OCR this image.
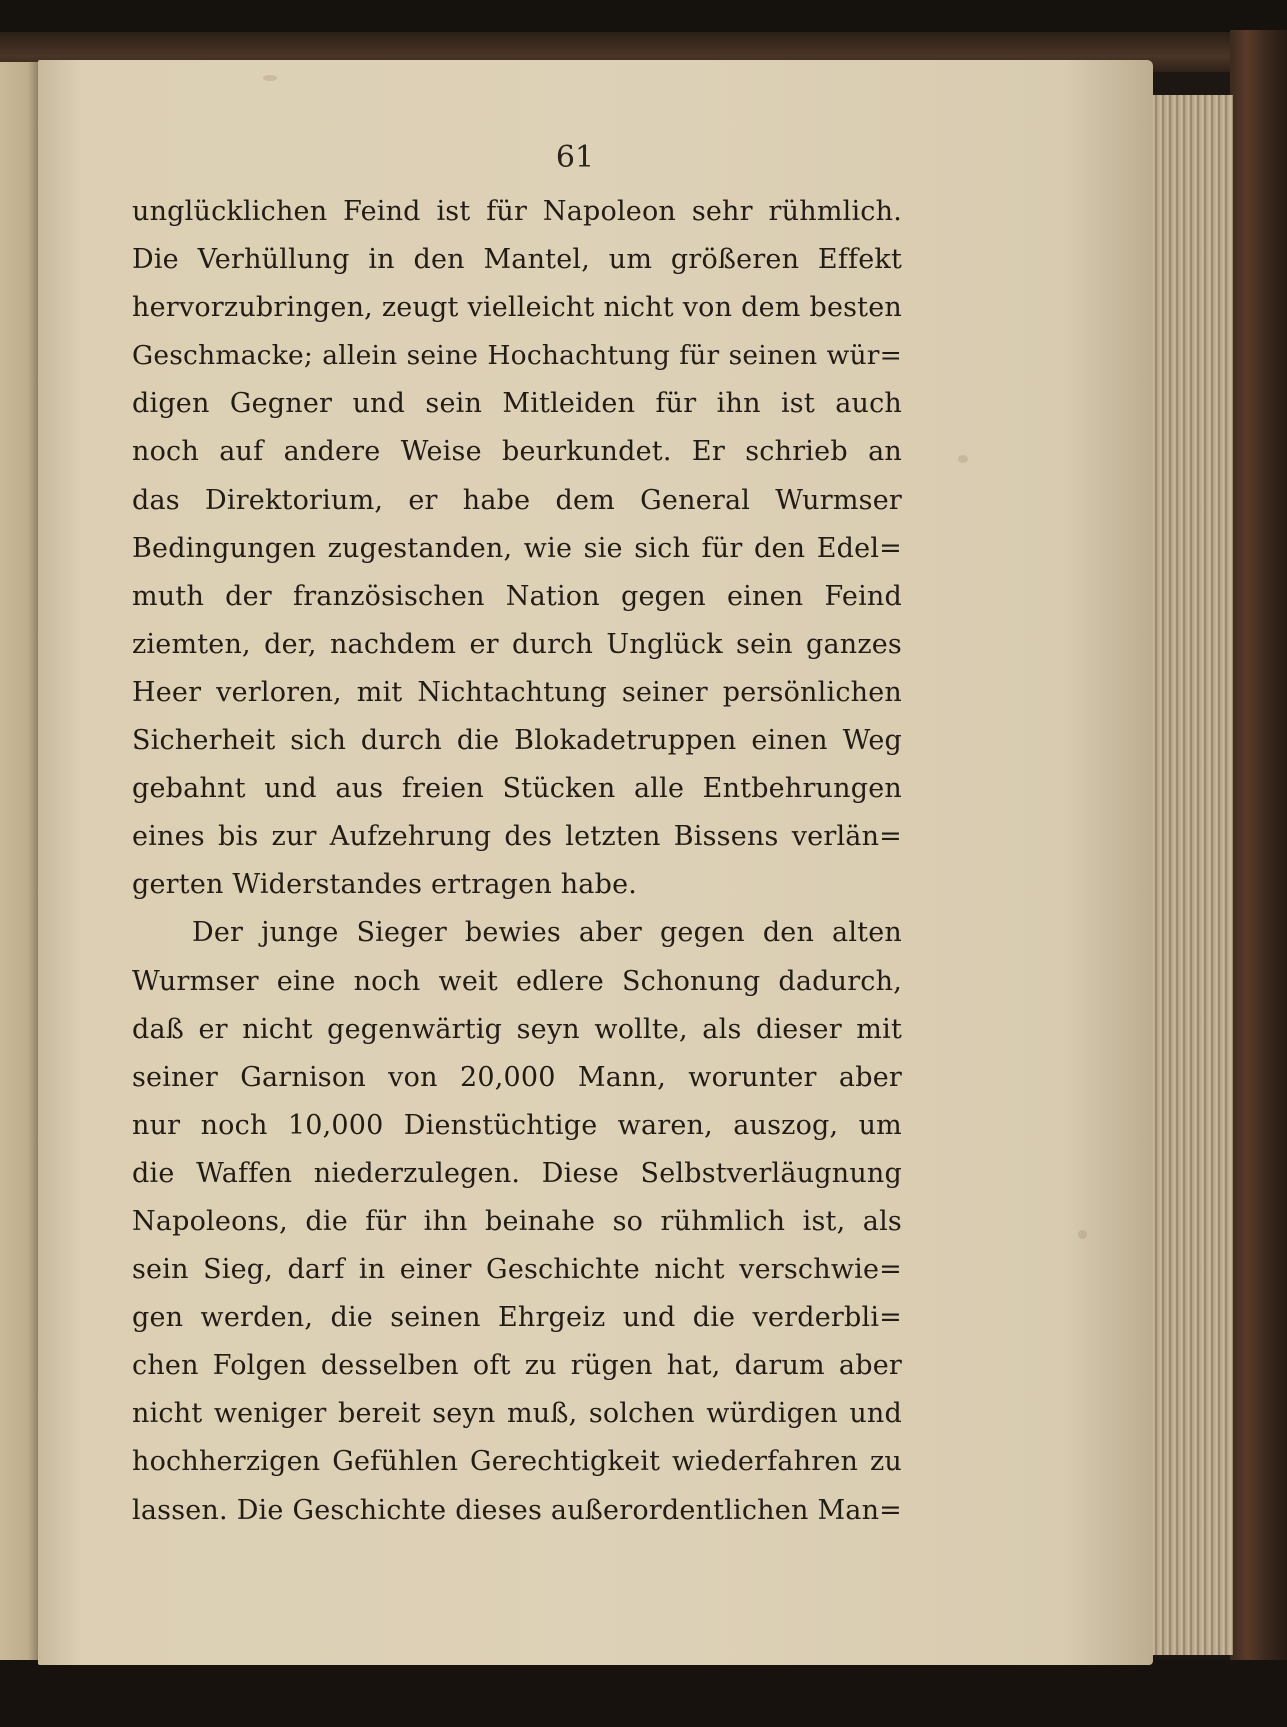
61
unglücklichen Feind ist für Napoleon sehr rühmlich.
Die Verhüllung in den Mantel, um größeren Effekt
hervorzubringen, zeugt vielleicht nicht von dem besten
Geschmacke; allein seine Hochachtung für seinen wür=
digen Gegner und sein Mitleiden für ihn ist auch
noch auf andere Weise beurkundet. Er schrieb an
das Direktorium, er habe dem General Wurmser
Bedingungen zugestanden, wie sie sich für den Edel=
muth der französischen Nation gegen einen Feind
ziemten, der, nachdem er durch Unglück sein ganzes
Heer verloren, mit Nichtachtung seiner persönlichen
Sicherheit sich durch die Blokadetruppen einen Weg
gebahnt und aus freien Stücken alle Entbehrungen
eines bis zur Aufzehrung des letzten Bissens verlän=
gerten Widerstandes ertragen habe.
Der junge Sieger bewies aber gegen den alten
Wurmser eine noch weit edlere Schonung dadurch,
daß er nicht gegenwärtig seyn wollte, als dieser mit
seiner Garnison von 20,000 Mann, worunter aber
nur noch 10,000 Dienstüchtige waren, auszog, um
die Waffen niederzulegen. Diese Selbstverläugnung
Napoleons, die für ihn beinahe so rühmlich ist, als
sein Sieg, darf in einer Geschichte nicht verschwie=
gen werden, die seinen Ehrgeiz und die verderbli=
chen Folgen desselben oft zu rügen hat, darum aber
nicht weniger bereit seyn muß, solchen würdigen und
hochherzigen Gefühlen Gerechtigkeit wiederfahren zu
lassen. Die Geschichte dieses außerordentlichen Man=
